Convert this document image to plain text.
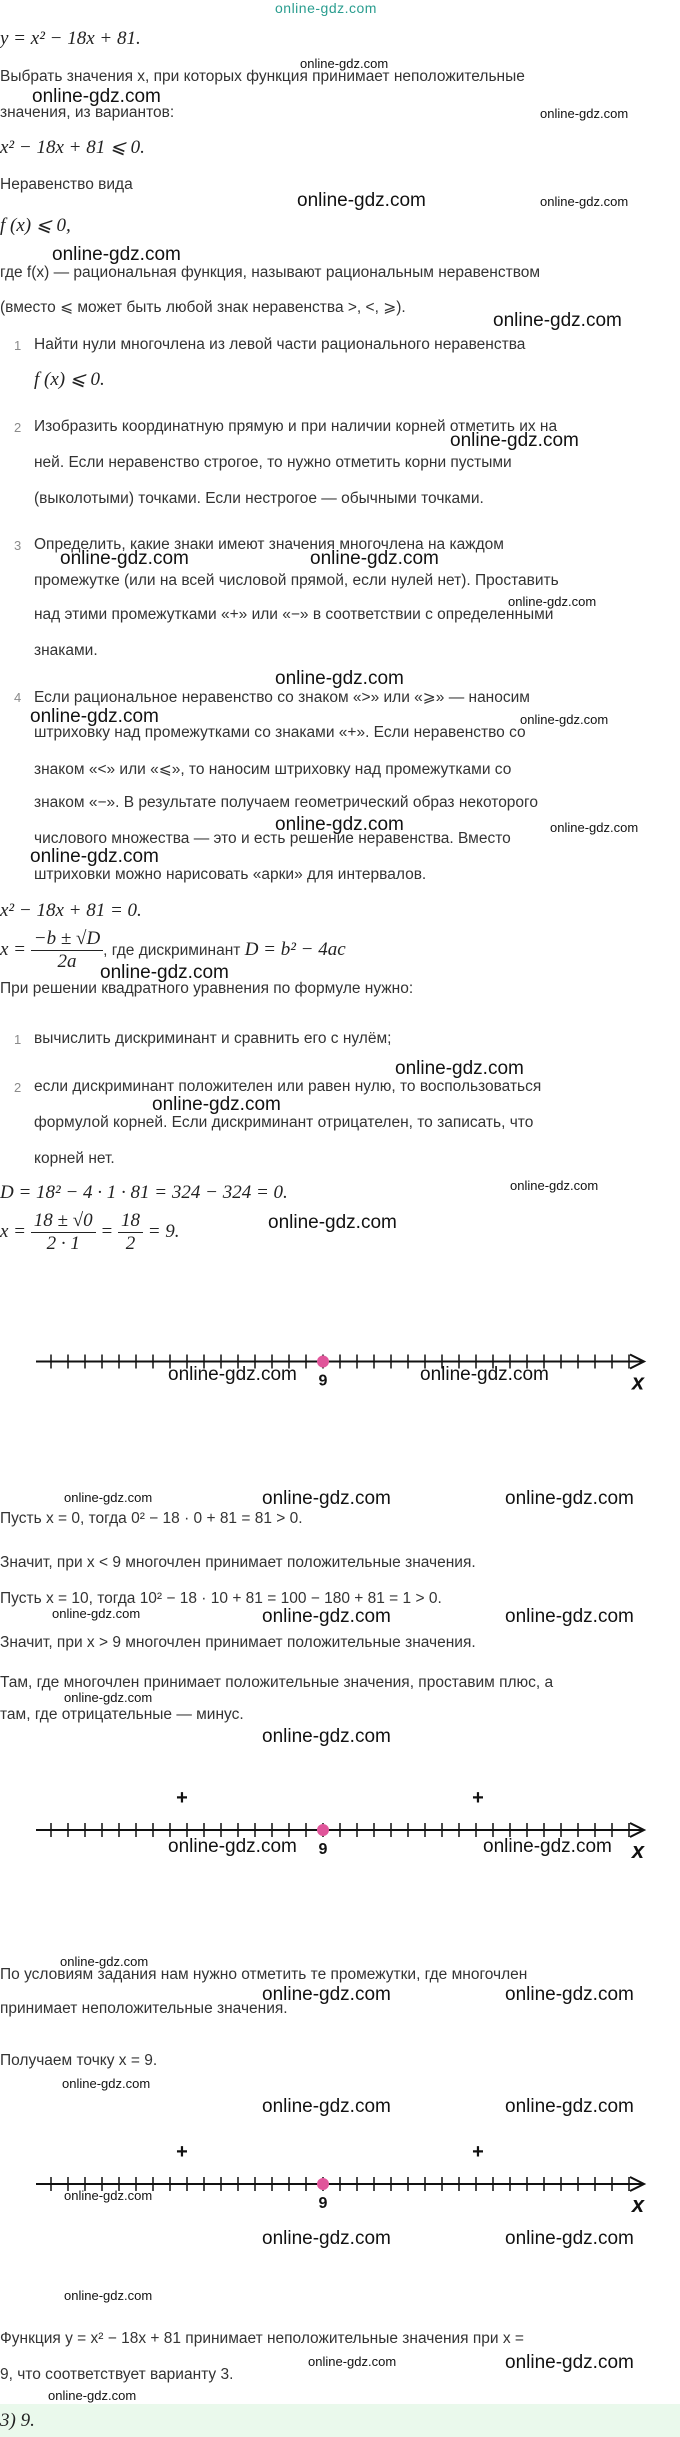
online-gdz.com
y = x² − 18x + 81.
online-gdz.com
Выбрать значения x, при которых функция принимает неположительные
online-gdz.com
значения, из вариантов:	online-gdz.com
x² − 18x + 81 ⩽ 0.
Неравенство вида
online-gdz.com	online-gdz.com
f (x) ⩽ 0,
online-gdz.com
где f(x) — рациональная функция, называют рациональным неравенством
(вместо ⩽ может быть любой знак неравенства >, <, ⩾).
online-gdz.com
1 Найти нули многочлена из левой части рационального неравенства
f (x) ⩽ 0.
2 Изобразить координатную прямую и при наличии корней отметить их на
online-gdz.com
ней. Если неравенство строгое, то нужно отметить корни пустыми
(выколотыми) точками. Если нестрогое — обычными точками.
3 Определить, какие знаки имеют значения многочлена на каждом
online-gdz.com	online-gdz.com
промежутке (или на всей числовой прямой, если нулей нет). Проставить
online-gdz.com
над этими промежутками «+» или «−» в соответствии с определенными
знаками.
online-gdz.com
4 Если рациональное неравенство со знаком «>» или «⩾» — наносим
online-gdz.com	online-gdz.com
штриховку над промежутками со знаками «+». Если неравенство со
знаком «<» или «⩽», то наносим штриховку над промежутками со
знаком «−». В результате получаем геометрический образ некоторого
online-gdz.com	online-gdz.com
числового множества — это и есть решение неравенства. Вместо
online-gdz.com
штриховки можно нарисовать «арки» для интервалов.
x² − 18x + 81 = 0.
$x = \frac{-b \pm √D}{2a}$ , где дискриминант D = b² − 4ac
online-gdz.com
При решении квадратного уравнения по формуле нужно:
1 вычислить дискриминант и сравнить его с нулём;
online-gdz.com
2 если дискриминант положителен или равен нулю, то воспользоваться
online-gdz.com
формулой корней. Если дискриминант отрицателен, то записать, что
корней нет.
D = 18² − 4 · 1 · 81 = 324 − 324 = 0.	online-gdz.com
$x = \frac{18 \pm √0}{2 \cdot 1} = \frac{18}{2} = 9$.	online-gdz.com
9	x
online-gdz.com	online-gdz.com
online-gdz.com	online-gdz.com	online-gdz.com
Пусть x = 0, тогда 0² − 18 · 0 + 81 = 81 > 0.
Значит, при x < 9 многочлен принимает положительные значения.
Пусть x = 10, тогда 10² − 18 · 10 + 81 = 100 − 180 + 81 = 1 > 0.
online-gdz.com	online-gdz.com	online-gdz.com
Значит, при x > 9 многочлен принимает положительные значения.
online-gdz.com
Там, где многочлен принимает положительные значения, проставим плюс, а
там, где отрицательные — минус.
online-gdz.com
9	x
+	+
online-gdz.com	online-gdz.com
online-gdz.com
По условиям задания нам нужно отметить те промежутки, где многочлен
online-gdz.com	online-gdz.com
принимает неположительные значения.
Получаем точку x = 9.
online-gdz.com
online-gdz.com	online-gdz.com
9	x
+	+
online-gdz.com
online-gdz.com	online-gdz.com
online-gdz.com
Функция y = x² − 18x + 81 принимает неположительные значения при x =
online-gdz.com	online-gdz.com
9, что соответствует варианту 3.
online-gdz.com
3) 9.
